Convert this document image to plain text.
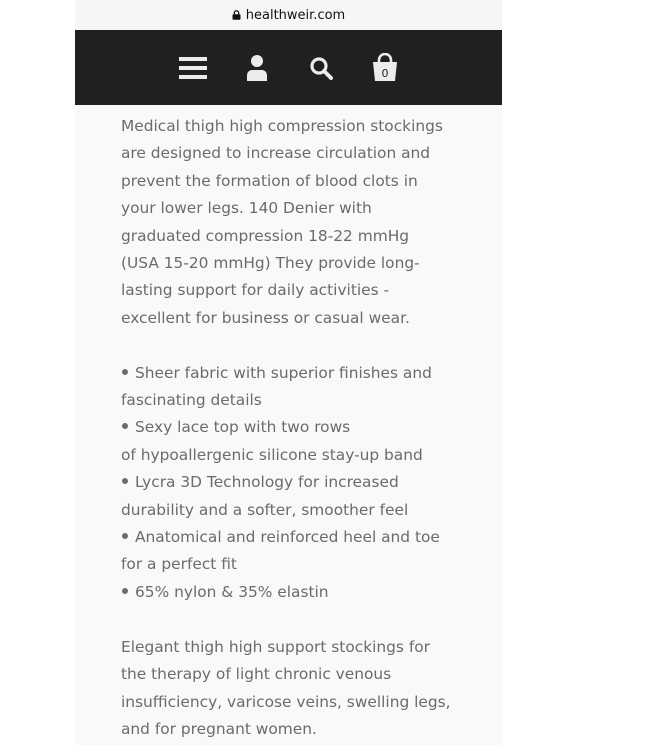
healthweir.com
0

Medical thigh high compression stockings
are designed to increase circulation and
prevent the formation of blood clots in
your lower legs. 140 Denier with
graduated compression 18-22 mmHg
(USA 15-20 mmHg) They provide long-
lasting support for daily activities -
excellent for business or casual wear.

Sheer fabric with superior finishes and
fascinating details
Sexy lace top with two rows
of hypoallergenic silicone stay-up band
Lycra 3D Technology for increased
durability and a softer, smoother feel
Anatomical and reinforced heel and toe
for a perfect fit
65% nylon & 35% elastin

Elegant thigh high support stockings for
the therapy of light chronic venous
insufficiency, varicose veins, swelling legs,
and for pregnant women.
